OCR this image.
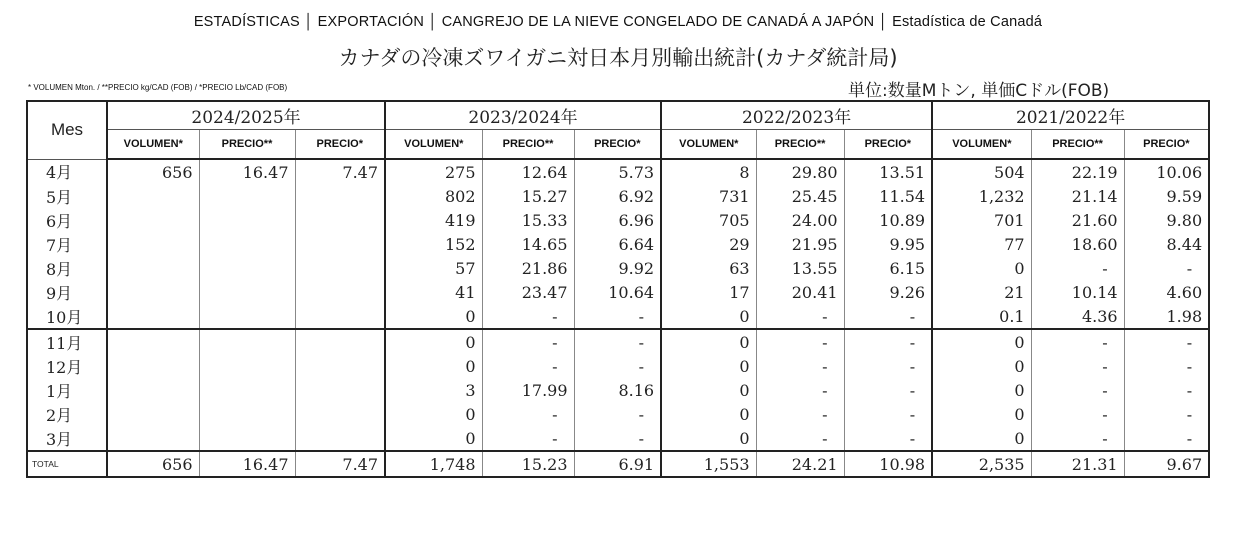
ESTADÍSTICAS │ EXPORTACIÓN │ CANGREJO DE LA NIEVE CONGELADO DE CANADÁ A JAPÓN │ Estadística de Canadá
カナダの冷凍ズワイガニ対日本月別輸出統計(カナダ統計局)
* VOLUMEN Mton. / **PRECIO kg/CAD (FOB) / *PRECIO Lb/CAD (FOB)	単位:数量Mトン, 単価Cドル(FOB)
Mes	2024/2025年			2023/2024年			2022/2023年			2021/2022年		
	VOLUMEN*	PRECIO**	PRECIO*	VOLUMEN*	PRECIO**	PRECIO*	VOLUMEN*	PRECIO**	PRECIO*	VOLUMEN*	PRECIO**	PRECIO*
4月	656	16.47	7.47	275	12.64	5.73	8	29.80	13.51	504	22.19	10.06
5月				802	15.27	6.92	731	25.45	11.54	1,232	21.14	9.59
6月				419	15.33	6.96	705	24.00	10.89	701	21.60	9.80
7月				152	14.65	6.64	29	21.95	9.95	77	18.60	8.44
8月				57	21.86	9.92	63	13.55	6.15	0	-	-
9月				41	23.47	10.64	17	20.41	9.26	21	10.14	4.60
10月				0	-	-	0	-	-	0.1	4.36	1.98
11月				0	-	-	0	-	-	0	-	-
12月				0	-	-	0	-	-	0	-	-
1月				3	17.99	8.16	0	-	-	0	-	-
2月				0	-	-	0	-	-	0	-	-
3月				0	-	-	0	-	-	0	-	-
TOTAL	656	16.47	7.47	1,748	15.23	6.91	1,553	24.21	10.98	2,535	21.31	9.67
